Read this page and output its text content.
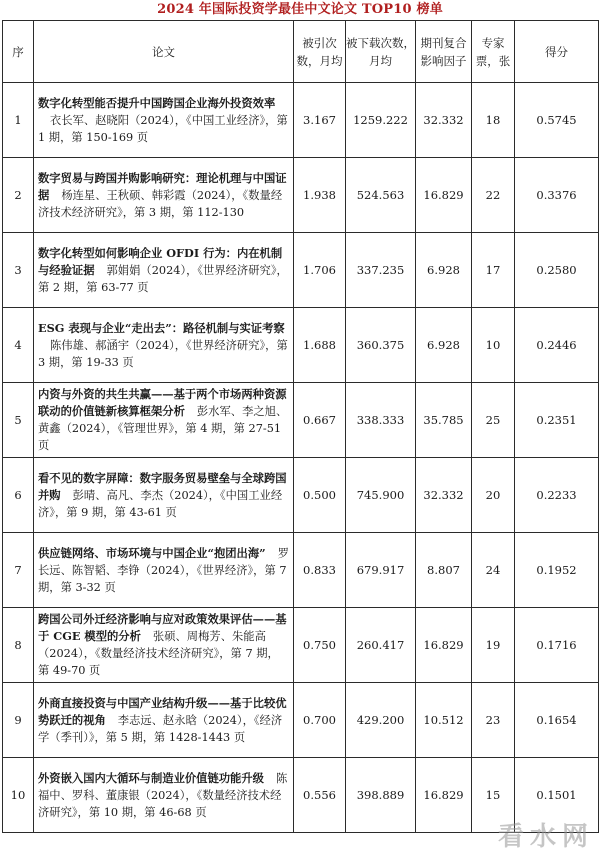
2024 年国际投资学最佳中文论文 TOP10 榜单
序	论文	被引次数，月均	被下载次数，月均	期刊复合影响因子	专家票，张	得分
1	数字化转型能否提升中国跨国企业海外投资效率衣长军、赵晓阳（2024），《中国工业经济》，第 1 期，第 150-169 页	3.167	1259.222	32.332	18	0.5745
2	数字贸易与跨国并购影响研究：理论机理与中国证据 杨连星、王秋硕、韩彩霞（2024），《数量经济技术经济研究》，第 3 期，第 112-130	1.938	524.563	16.829	22	0.3376
3	数字化转型如何影响企业 OFDI 行为：内在机制与经验证据 郭娟娟（2024），《世界经济研究》，第 2 期，第 63-77 页	1.706	337.235	6.928	17	0.2580
4	ESG 表现与企业“走出去”：路径机制与实证考察陈伟雄、郝涵宇（2024），《世界经济研究》，第 3 期，第 19-33 页	1.688	360.375	6.928	10	0.2446
5	内资与外资的共生共赢——基于两个市场两种资源联动的价值链新核算框架分析 彭水军、李之旭、黄鑫（2024），《管理世界》，第 4 期，第 27-51 页	0.667	338.333	35.785	25	0.2351
6	看不见的数字屏障：数字服务贸易壁垒与全球跨国并购 彭晴、高凡、李杰（2024），《中国工业经济》，第 9 期，第 43-61 页	0.500	745.900	32.332	20	0.2233
7	供应链网络、市场环境与中国企业“抱团出海” 罗长远、陈智韬、李铮（2024），《世界经济》，第 7 期，第 3-32 页	0.833	679.917	8.807	24	0.1952
8	跨国公司外迁经济影响与应对政策效果评估——基于 CGE 模型的分析 张硕、周梅芳、朱能高（2024），《数量经济技术经济研究》，第 7 期，第 49-70 页	0.750	260.417	16.829	19	0.1716
9	外商直接投资与中国产业结构升级——基于比较优势跃迁的视角 李志远、赵永晗（2024），《经济学（季刊）》，第 5 期，第 1428-1443 页	0.700	429.200	10.512	23	0.1654
10	外资嵌入国内大循环与制造业价值链功能升级 陈福中、罗科、董康银（2024），《数量经济技术经济研究》，第 10 期，第 46-68 页	0.556	398.889	16.829	15	0.1501
看水网
